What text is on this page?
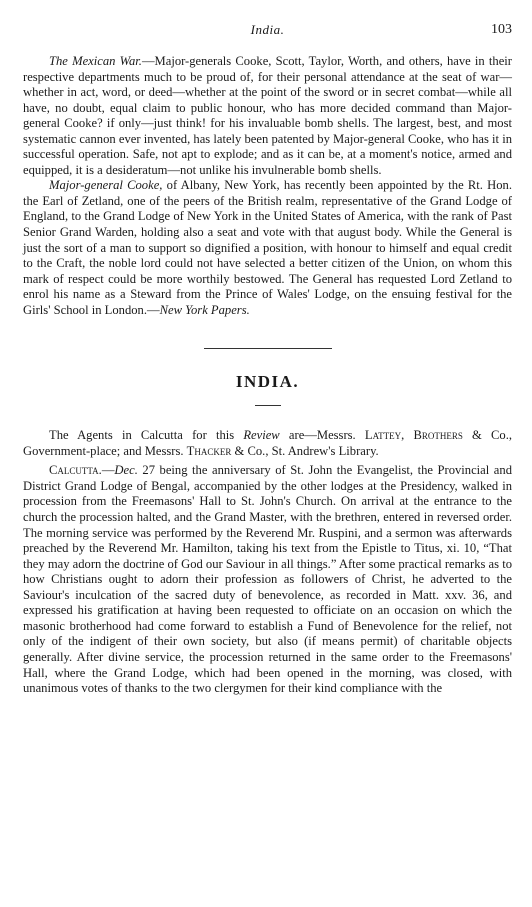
India.	103

The Mexican War.—Major-generals Cooke, Scott, Taylor, Worth, and others, have in their respective departments much to be proud of, for their personal attendance at the seat of war—whether in act, word, or deed—whether at the point of the sword or in secret combat—while all have, no doubt, equal claim to public honour, who has more decided command than Major-general Cooke? if only—just think! for his invaluable bomb shells. The largest, best, and most systematic cannon ever invented, has lately been patented by Major-general Cooke, who has it in successful operation. Safe, not apt to explode; and as it can be, at a moment's notice, armed and equipped, it is a desideratum—not unlike his invulnerable bomb shells.

Major-general Cooke, of Albany, New York, has recently been appointed by the Rt. Hon. the Earl of Zetland, one of the peers of the British realm, representative of the Grand Lodge of England, to the Grand Lodge of New York in the United States of America, with the rank of Past Senior Grand Warden, holding also a seat and vote with that august body. While the General is just the sort of a man to support so dignified a position, with honour to himself and equal credit to the Craft, the noble lord could not have selected a better citizen of the Union, on whom this mark of respect could be more worthily bestowed. The General has requested Lord Zetland to enrol his name as a Steward from the Prince of Wales' Lodge, on the ensuing festival for the Girls' School in London.—New York Papers.

INDIA.

The Agents in Calcutta for this Review are—Messrs. Lattey, Brothers & Co., Government-place; and Messrs. Thacker & Co., St. Andrew's Library.

Calcutta.—Dec. 27 being the anniversary of St. John the Evangelist, the Provincial and District Grand Lodge of Bengal, accompanied by the other lodges at the Presidency, walked in procession from the Freemasons' Hall to St. John's Church. On arrival at the entrance to the church the procession halted, and the Grand Master, with the brethren, entered in reversed order. The morning service was performed by the Reverend Mr. Ruspini, and a sermon was afterwards preached by the Reverend Mr. Hamilton, taking his text from the Epistle to Titus, xi. 10, “That they may adorn the doctrine of God our Saviour in all things.” After some practical remarks as to how Christians ought to adorn their profession as followers of Christ, he adverted to the Saviour's inculcation of the sacred duty of benevolence, as recorded in Matt. xxv. 36, and expressed his gratification at having been requested to officiate on an occasion on which the masonic brotherhood had come forward to establish a Fund of Benevolence for the relief, not only of the indigent of their own society, but also (if means permit) of charitable objects generally. After divine service, the procession returned in the same order to the Freemasons' Hall, where the Grand Lodge, which had been opened in the morning, was closed, with unanimous votes of thanks to the two clergymen for their kind compliance with the
